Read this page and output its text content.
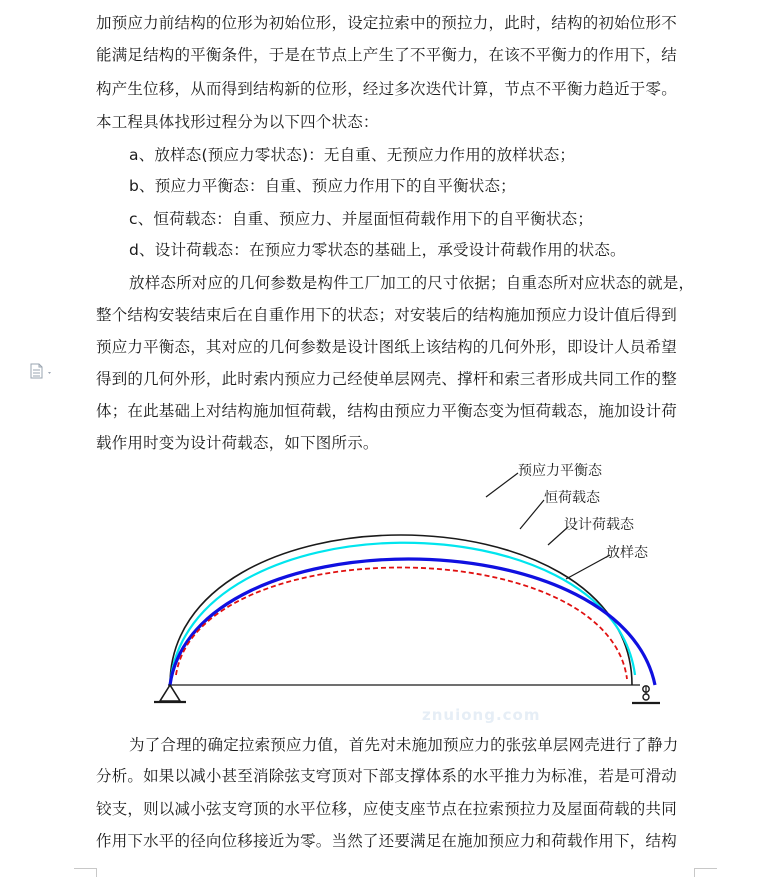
加预应力前结构的位形为初始位形，设定拉索中的预拉力，此时，结构的初始位形不
能满足结构的平衡条件，于是在节点上产生了不平衡力，在该不平衡力的作用下，结
构产生位移，从而得到结构新的位形，经过多次迭代计算，节点不平衡力趋近于零。
本工程具体找形过程分为以下四个状态：
a、放样态(预应力零状态)：无自重、无预应力作用的放样状态；
b、预应力平衡态：自重、预应力作用下的自平衡状态；
c、恒荷载态：自重、预应力、并屋面恒荷载作用下的自平衡状态；
d、设计荷载态：在预应力零状态的基础上，承受设计荷载作用的状态。
放样态所对应的几何参数是构件工厂加工的尺寸依据；自重态所对应状态的就是，
整个结构安装结束后在自重作用下的状态；对安装后的结构施加预应力设计值后得到
预应力平衡态，其对应的几何参数是设计图纸上该结构的几何外形，即设计人员希望
得到的几何外形，此时索内预应力己经使单层网壳、撑杆和索三者形成共同工作的整
体；在此基础上对结构施加恒荷载，结构由预应力平衡态变为恒荷载态，施加设计荷
载作用时变为设计荷载态，如下图所示。
预应力平衡态
恒荷载态
设计荷载态
放样态
znuiong.com
为了合理的确定拉索预应力值，首先对未施加预应力的张弦单层网壳进行了静力
分析。如果以减小甚至消除弦支穹顶对下部支撑体系的水平推力为标准，若是可滑动
铰支，则以减小弦支穹顶的水平位移，应使支座节点在拉索预拉力及屋面荷载的共同
作用下水平的径向位移接近为零。当然了还要满足在施加预应力和荷载作用下，结构
